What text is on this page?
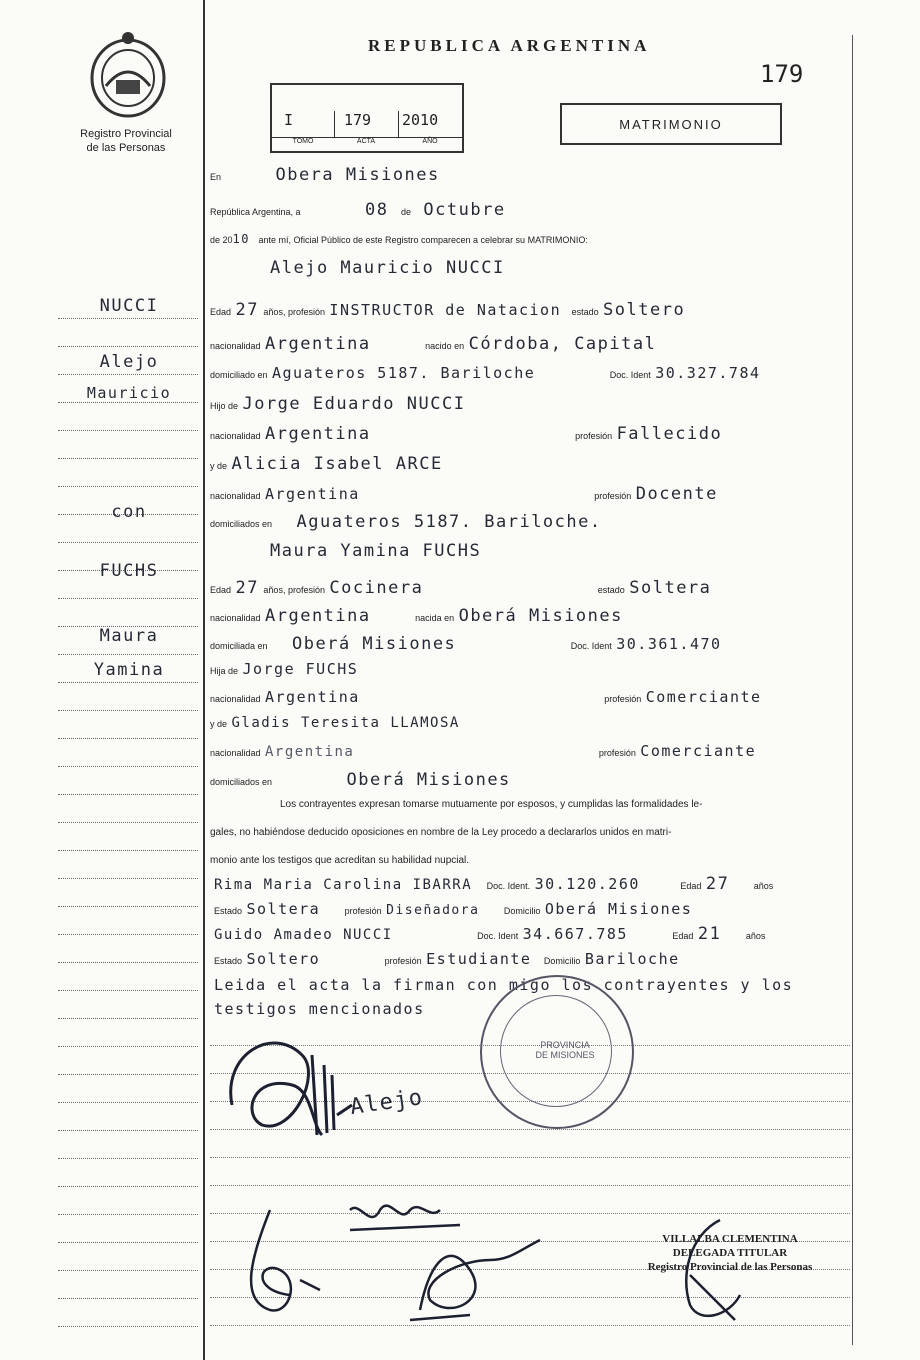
Registro Provincial
de las Personas
REPUBLICA ARGENTINA
179
I	179 2010
TOMO	ACTA	AÑO
MATRIMONIO
En	Obera Misiones
República Argentina, a	08 de Octubre
de 2010 ante mí, Oficial Público de este Registro comparecen a celebrar su MATRIMONIO:
Alejo Mauricio NUCCI
NUCCI
Alejo
Mauricio
con
FUCHS
Maura
Yamina
Edad 27 años, profesión INSTRUCTOR de Natacion estado Soltero
nacionalidad Argentina	nacido en Córdoba, Capital
domiciliado en Aguateros 5187. Bariloche	Doc. Ident 30.327.784
Hijo de Jorge Eduardo NUCCI
nacionalidad Argentina	profesión Fallecido
y de Alicia Isabel ARCE
nacionalidad Argentina	profesión Docente
domiciliados en Aguateros 5187. Bariloche.
Maura Yamina FUCHS
Edad 27 años, profesión Cocinera	estado Soltera
nacionalidad Argentina	nacida en Oberá Misiones
domiciliada en Oberá Misiones	Doc. Ident 30.361.470
Hija de Jorge FUCHS
nacionalidad Argentina	profesión Comerciante
y de Gladis Teresita LLAMOSA
nacionalidad Argentina	profesión Comerciante
domiciliados en	Oberá Misiones
Los contrayentes expresan tomarse mutuamente por esposos, y cumplidas las formalidades le-
gales, no habiéndose deducido oposiciones en nombre de la Ley procedo a declararlos unidos en matri-
monio ante los testigos que acreditan su habilidad nupcial.
Rima Maria Carolina IBARRA Doc. Ident. 30.120.260	Edad 27	años
Estado Soltera	profesión Diseñadora	Domicilio Oberá Misiones
Guido Amadeo NUCCI	Doc. Ident 34.667.785	Edad 21	años
Estado Soltero	profesión Estudiante Domicilio Bariloche
Leida el acta la firman con migo los contrayentes y los
testigos mencionados
PROVINCIA DE MISIONES
Alejo
VILLALBA CLEMENTINA
DELEGADA TITULAR
Registro Provincial de las Personas
